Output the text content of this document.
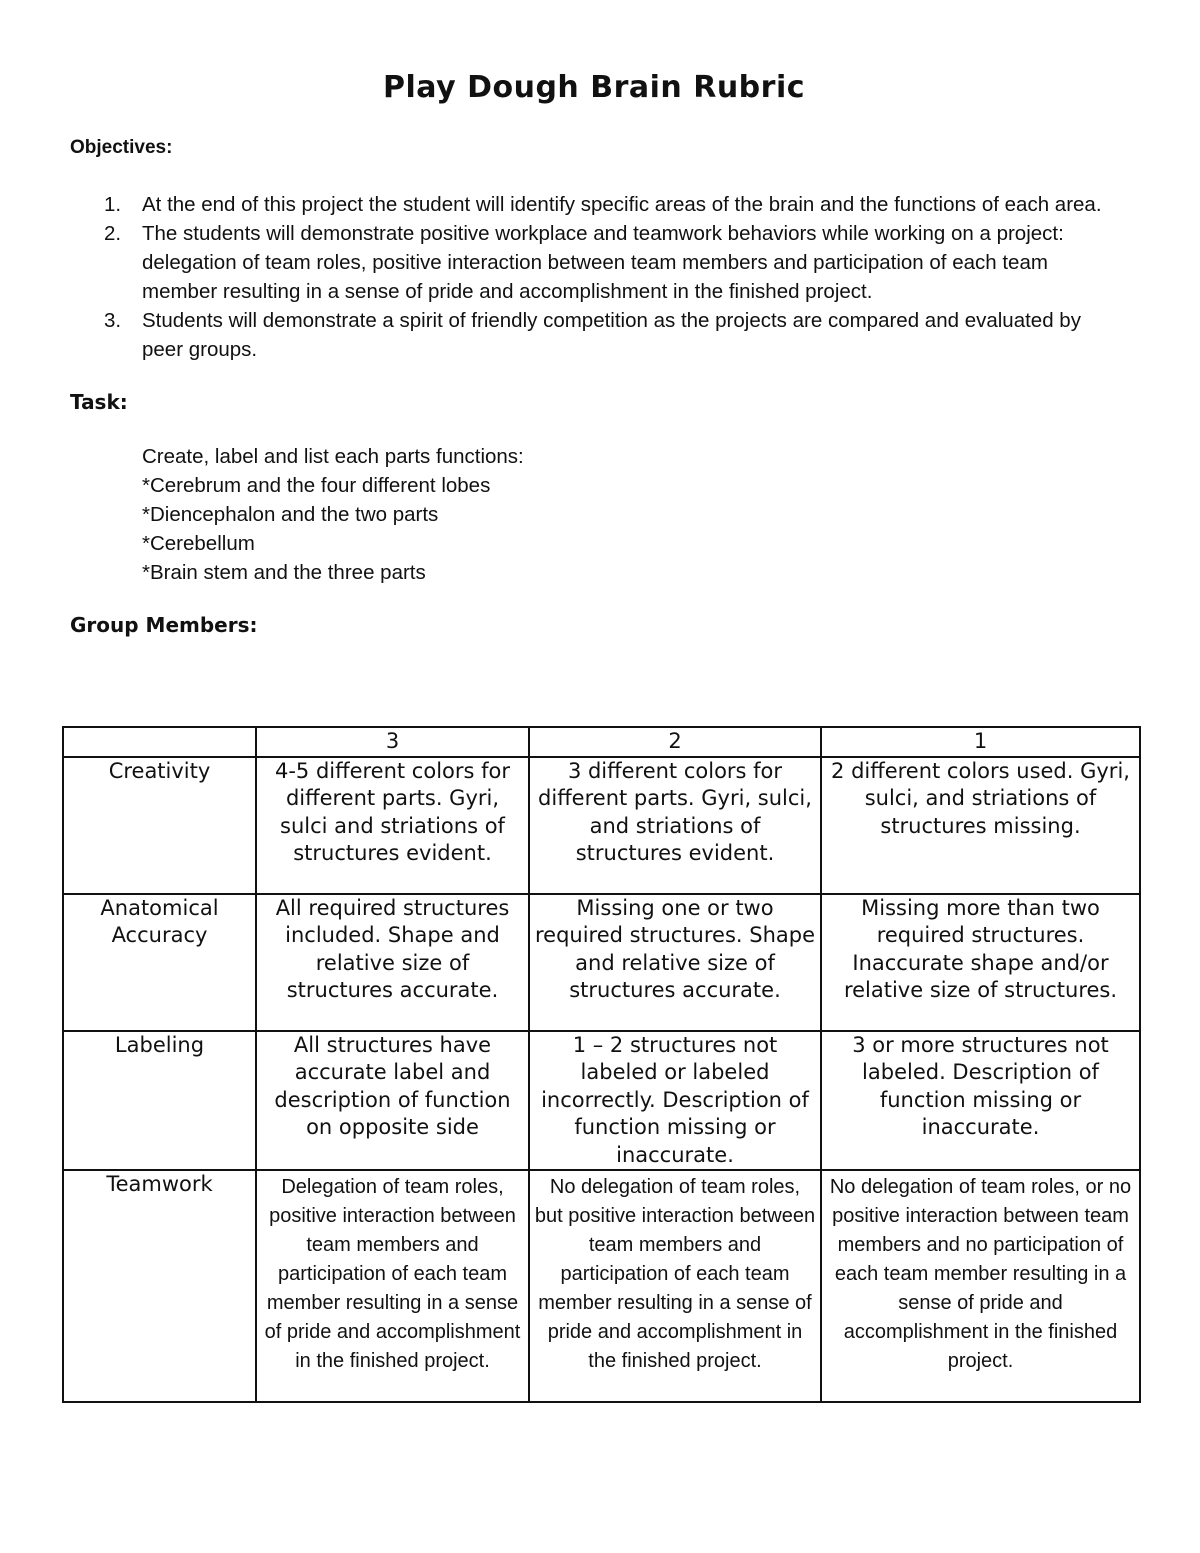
Play Dough Brain Rubric
Objectives:
1. At the end of this project the student will identify specific areas of the brain and the functions of each area.
2. The students will demonstrate positive workplace and teamwork behaviors while working on a project: delegation of team roles, positive interaction between team members and participation of each team member resulting in a sense of pride and accomplishment in the finished project.
3. Students will demonstrate a spirit of friendly competition as the projects are compared and evaluated by peer groups.
Task:
Create, label and list each parts functions:
*Cerebrum and the four different lobes
*Diencephalon and the two parts
*Cerebellum
*Brain stem and the three parts
Group Members:
	3	2	1
Creativity	4-5 different colors for different parts. Gyri, sulci and striations of structures evident.	3 different colors for different parts. Gyri, sulci, and striations of structures evident.	2 different colors used. Gyri, sulci, and striations of structures missing.
Anatomical Accuracy	All required structures included. Shape and relative size of structures accurate.	Missing one or two required structures. Shape and relative size of structures accurate.	Missing more than two required structures. Inaccurate shape and/or relative size of structures.
Labeling	All structures have accurate label and description of function on opposite side	1 – 2 structures not labeled or labeled incorrectly. Description of function missing or inaccurate.	3 or more structures not labeled. Description of function missing or inaccurate.
Teamwork	Delegation of team roles, positive interaction between team members and participation of each team member resulting in a sense of pride and accomplishment in the finished project.	No delegation of team roles, but positive interaction between team members and participation of each team member resulting in a sense of pride and accomplishment in the finished project.	No delegation of team roles, or no positive interaction between team members and no participation of each team member resulting in a sense of pride and accomplishment in the finished project.
